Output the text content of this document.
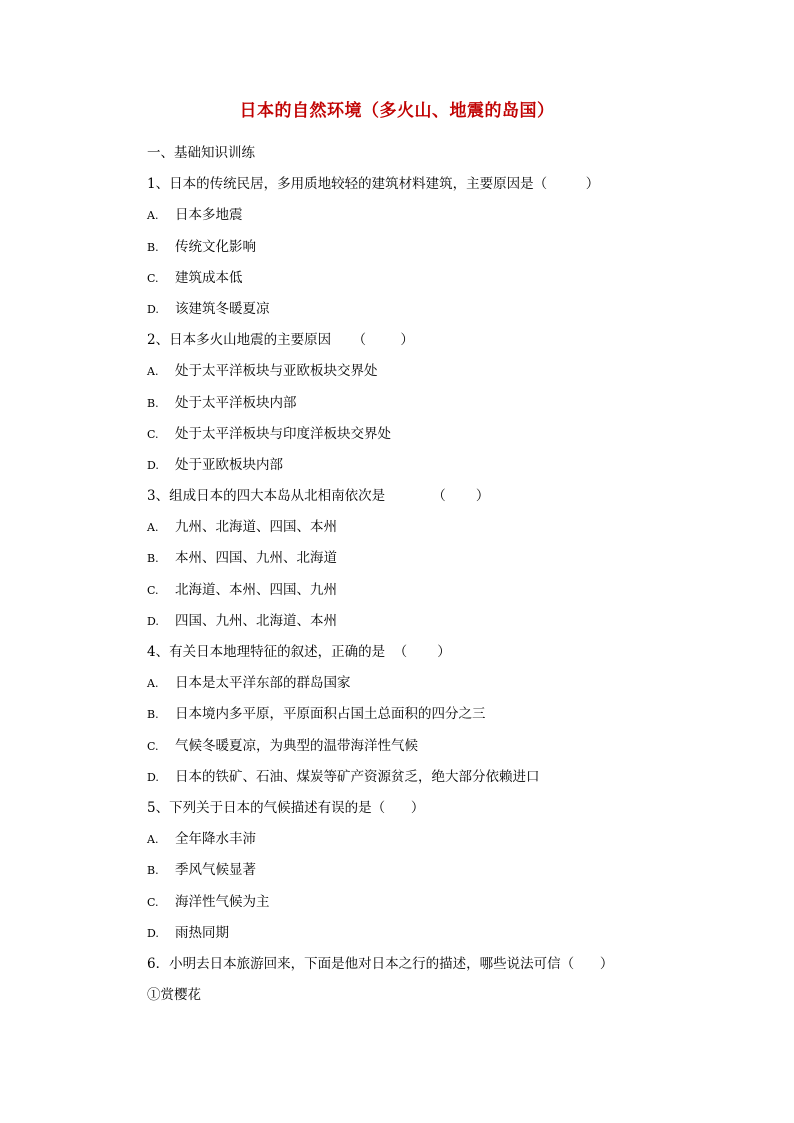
日本的自然环境（多火山、地震的岛国）
一、基础知识训练
1、日本的传统民居，多用质地较轻的建筑材料建筑，主要原因是（         ）
A. 日本多地震
B. 传统文化影响
C. 建筑成本低
D. 该建筑冬暖夏凉
2、日本多火山地震的主要原因     （        ）
A. 处于太平洋板块与亚欧板块交界处
B. 处于太平洋板块内部
C. 处于太平洋板块与印度洋板块交界处
D. 处于亚欧板块内部
3、组成日本的四大本岛从北相南依次是           （       ）
A. 九州、北海道、四国、本州
B. 本州、四国、九州、北海道
C. 北海道、本州、四国、九州
D. 四国、九州、北海道、本州
4、有关日本地理特征的叙述，正确的是  （       ）
A. 日本是太平洋东部的群岛国家
B. 日本境内多平原，平原面积占国土总面积的四分之三
C. 气候冬暖夏凉，为典型的温带海洋性气候
D. 日本的铁矿、石油、煤炭等矿产资源贫乏，绝大部分依赖进口
5、下列关于日本的气候描述有误的是（      ）
A. 全年降水丰沛
B. 季风气候显著
C. 海洋性气候为主
D. 雨热同期
6．小明去日本旅游回来，下面是他对日本之行的描述，哪些说法可信（      ）
①赏樱花
